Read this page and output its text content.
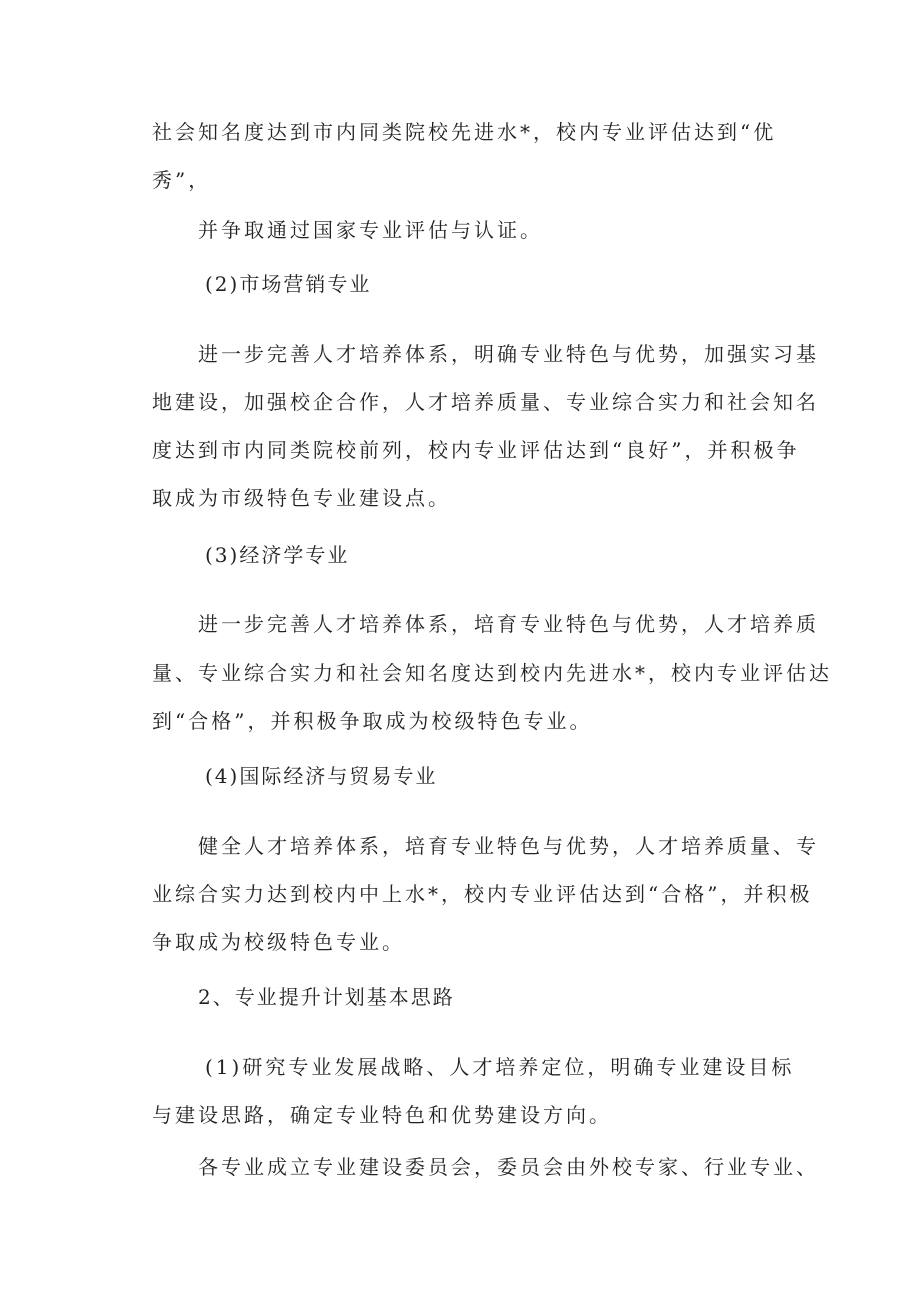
社会知名度达到市内同类院校先进水*，校内专业评估达到“优
秀”，
并争取通过国家专业评估与认证。
(2)市场营销专业
进一步完善人才培养体系，明确专业特色与优势，加强实习基
地建设，加强校企合作，人才培养质量、专业综合实力和社会知名
度达到市内同类院校前列，校内专业评估达到“良好”，并积极争
取成为市级特色专业建设点。
(3)经济学专业
进一步完善人才培养体系，培育专业特色与优势，人才培养质
量、专业综合实力和社会知名度达到校内先进水*，校内专业评估达
到“合格”，并积极争取成为校级特色专业。
(4)国际经济与贸易专业
健全人才培养体系，培育专业特色与优势，人才培养质量、专
业综合实力达到校内中上水*，校内专业评估达到“合格”，并积极
争取成为校级特色专业。
2、专业提升计划基本思路
(1)研究专业发展战略、人才培养定位，明确专业建设目标
与建设思路，确定专业特色和优势建设方向。
各专业成立专业建设委员会，委员会由外校专家、行业专业、
